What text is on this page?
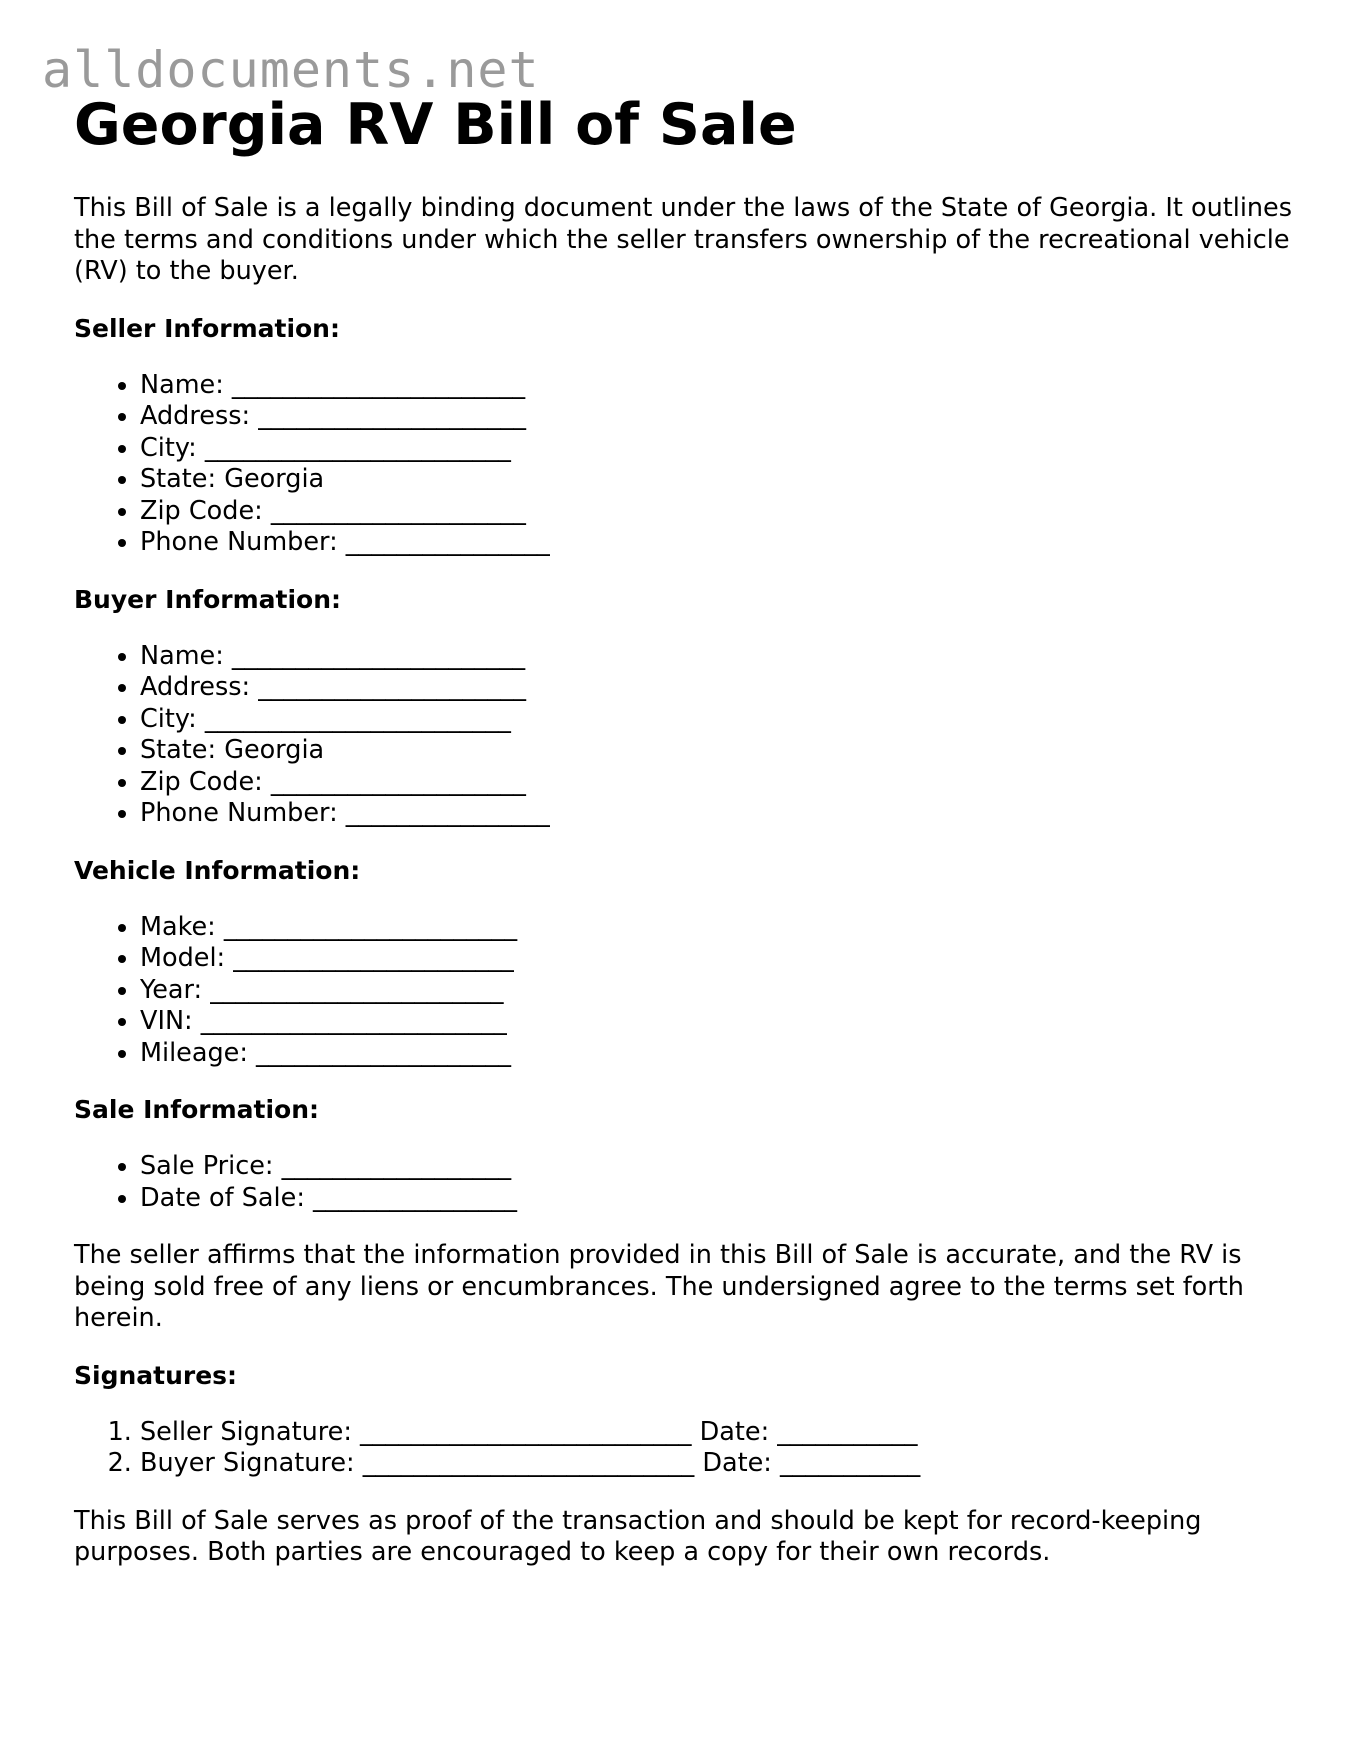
alldocuments.net
Georgia RV Bill of Sale

This Bill of Sale is a legally binding document under the laws of the State of Georgia. It outlines the terms and conditions under which the seller transfers ownership of the recreational vehicle (RV) to the buyer.

Seller Information:
• Name: _______________________
• Address: _____________________
• City: ________________________
• State: Georgia
• Zip Code: ____________________
• Phone Number: ________________
Buyer Information:
• Name: _______________________
• Address: _____________________
• City: ________________________
• State: Georgia
• Zip Code: ____________________
• Phone Number: ________________
Vehicle Information:
• Make: _______________________
• Model: ______________________
• Year: _______________________
• VIN: ________________________
• Mileage: ____________________
Sale Information:
• Sale Price: __________________
• Date of Sale: ________________

The seller affirms that the information provided in this Bill of Sale is accurate, and the RV is being sold free of any liens or encumbrances. The undersigned agree to the terms set forth herein.

Signatures:
1. Seller Signature: __________________________ Date: ___________
2. Buyer Signature: __________________________ Date: ___________

This Bill of Sale serves as proof of the transaction and should be kept for record-keeping purposes. Both parties are encouraged to keep a copy for their own records.
